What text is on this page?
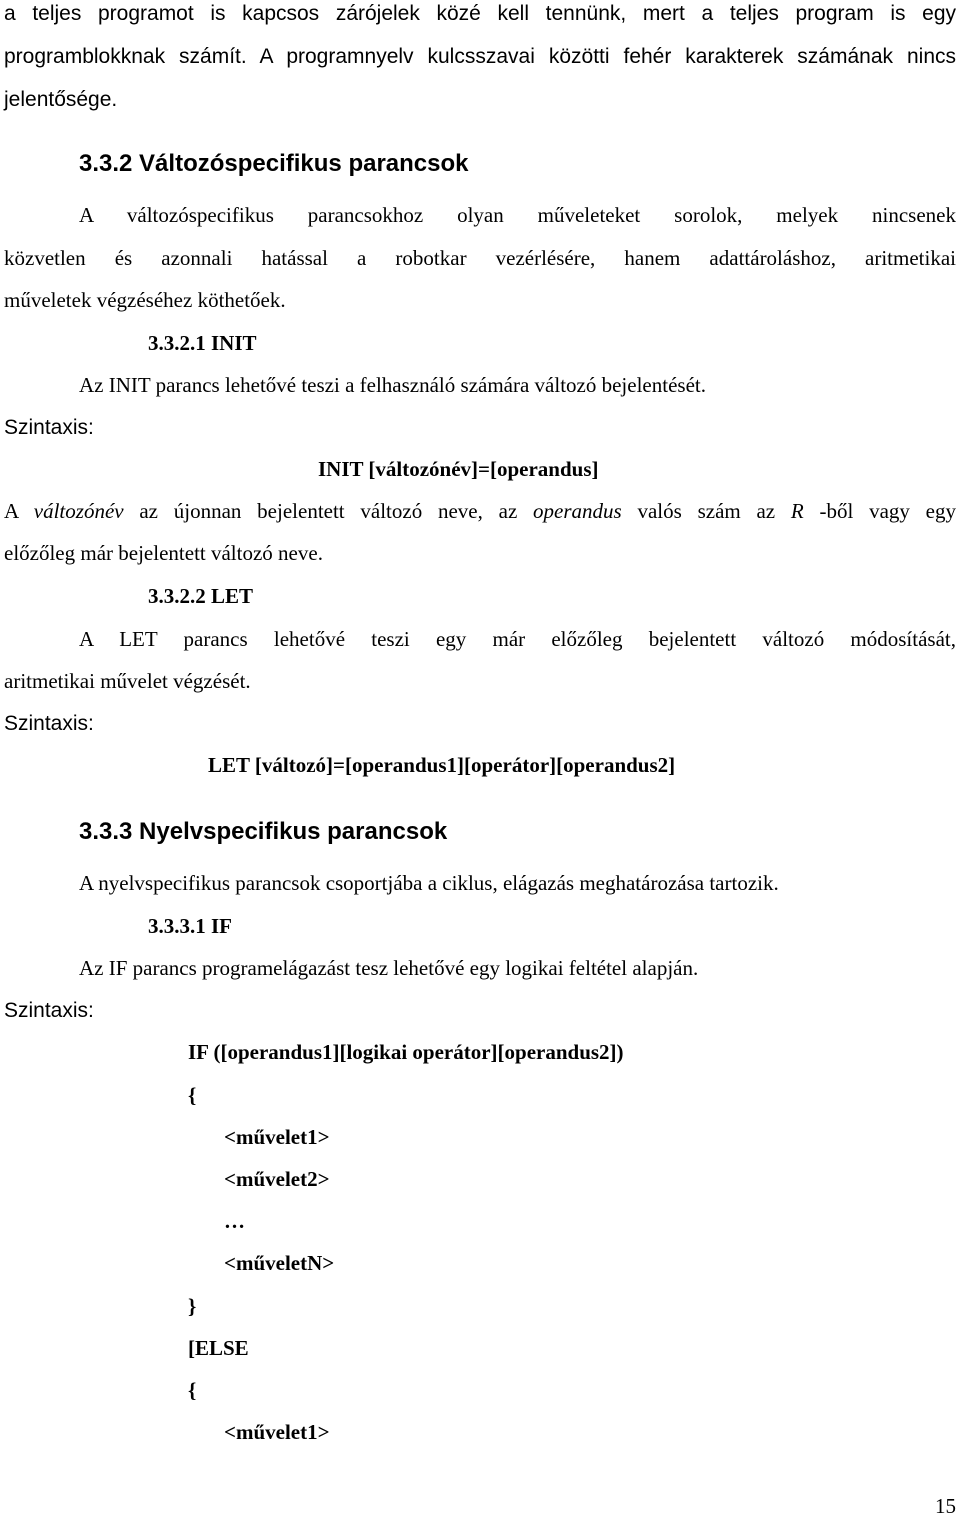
a teljes programot is kapcsos zárójelek közé kell tennünk, mert a teljes program is egy
programblokknak számít. A programnyelv kulcsszavai közötti fehér karakterek számának nincs
jelentősége.
3.3.2 Változóspecifikus parancsok
A változóspecifikus parancsokhoz olyan műveleteket sorolok, melyek nincsenek
közvetlen és azonnali hatással a robotkar vezérlésére, hanem adattároláshoz, aritmetikai
műveletek végzéséhez köthetőek.
3.3.2.1 INIT
Az INIT parancs lehetővé teszi a felhasználó számára változó bejelentését.
Szintaxis:
INIT [változónév]=[operandus]
A változónév az újonnan bejelentett változó neve, az operandus valós szám az R -ből vagy egy
előzőleg már bejelentett változó neve.
3.3.2.2 LET
A LET parancs lehetővé teszi egy már előzőleg bejelentett változó módosítását,
aritmetikai művelet végzését.
Szintaxis:
LET [változó]=[operandus1][operátor][operandus2]
3.3.3 Nyelvspecifikus parancsok
A nyelvspecifikus parancsok csoportjába a ciklus, elágazás meghatározása tartozik.
3.3.3.1 IF
Az IF parancs programelágazást tesz lehetővé egy logikai feltétel alapján.
Szintaxis:
IF ([operandus1][logikai operátor][operandus2])
{
<művelet1>
<művelet2>
…
<műveletN>
}
[ELSE
{
<művelet1>
15
